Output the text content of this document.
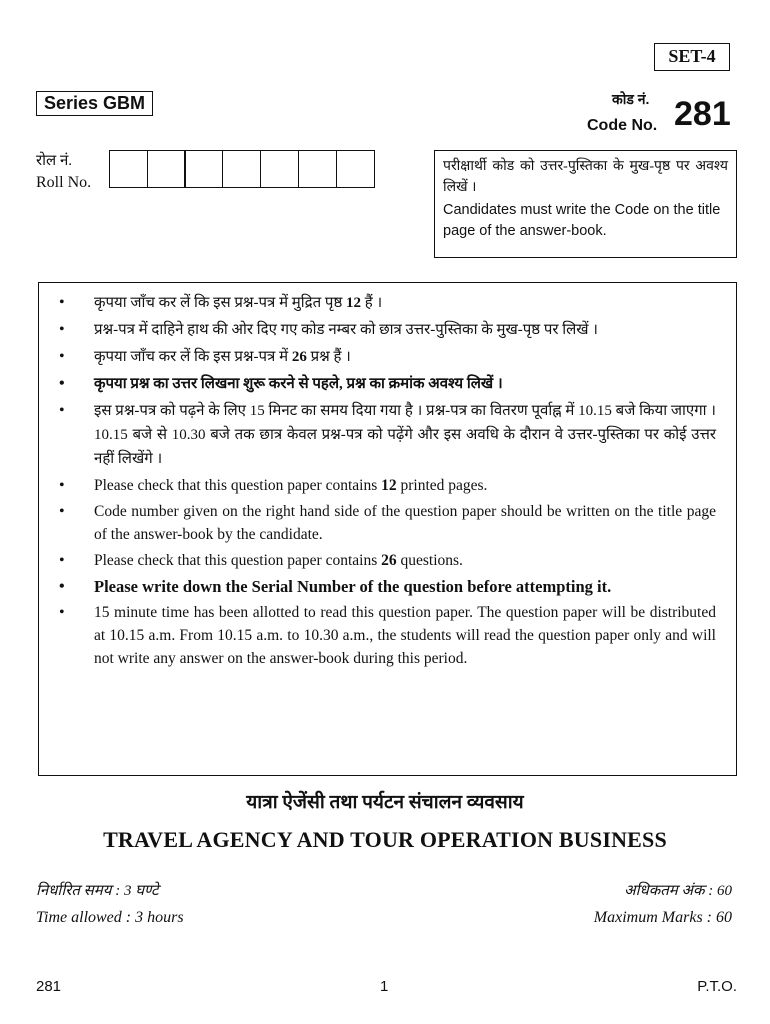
SET-4
Series GBM	कोड नं.
Code No. 281
रोल नं.
Roll No.
परीक्षार्थी कोड को उत्तर-पुस्तिका के मुख-पृष्ठ पर अवश्य लिखें ।
Candidates must write the Code on the title page of the answer-book.
• कृपया जाँच कर लें कि इस प्रश्न-पत्र में मुद्रित पृष्ठ 12 हैं ।
• प्रश्न-पत्र में दाहिने हाथ की ओर दिए गए कोड नम्बर को छात्र उत्तर-पुस्तिका के मुख-पृष्ठ पर लिखें ।
• कृपया जाँच कर लें कि इस प्रश्न-पत्र में 26 प्रश्न हैं ।
• कृपया प्रश्न का उत्तर लिखना शुरू करने से पहले, प्रश्न का क्रमांक अवश्य लिखें ।
• इस प्रश्न-पत्र को पढ़ने के लिए 15 मिनट का समय दिया गया है । प्रश्न-पत्र का वितरण पूर्वाह्न में 10.15 बजे किया जाएगा । 10.15 बजे से 10.30 बजे तक छात्र केवल प्रश्न-पत्र को पढ़ेंगे और इस अवधि के दौरान वे उत्तर-पुस्तिका पर कोई उत्तर नहीं लिखेंगे ।
• Please check that this question paper contains 12 printed pages.
• Code number given on the right hand side of the question paper should be written on the title page of the answer-book by the candidate.
• Please check that this question paper contains 26 questions.
• Please write down the Serial Number of the question before attempting it.
• 15 minute time has been allotted to read this question paper. The question paper will be distributed at 10.15 a.m. From 10.15 a.m. to 10.30 a.m., the students will read the question paper only and will not write any answer on the answer-book during this period.
यात्रा ऐजेंसी तथा पर्यटन संचालन व्यवसाय
TRAVEL AGENCY AND TOUR OPERATION BUSINESS
निर्धारित समय : 3 घण्टे
Time allowed : 3 hours
अधिकतम अंक : 60
Maximum Marks : 60
281	1	P.T.O.
